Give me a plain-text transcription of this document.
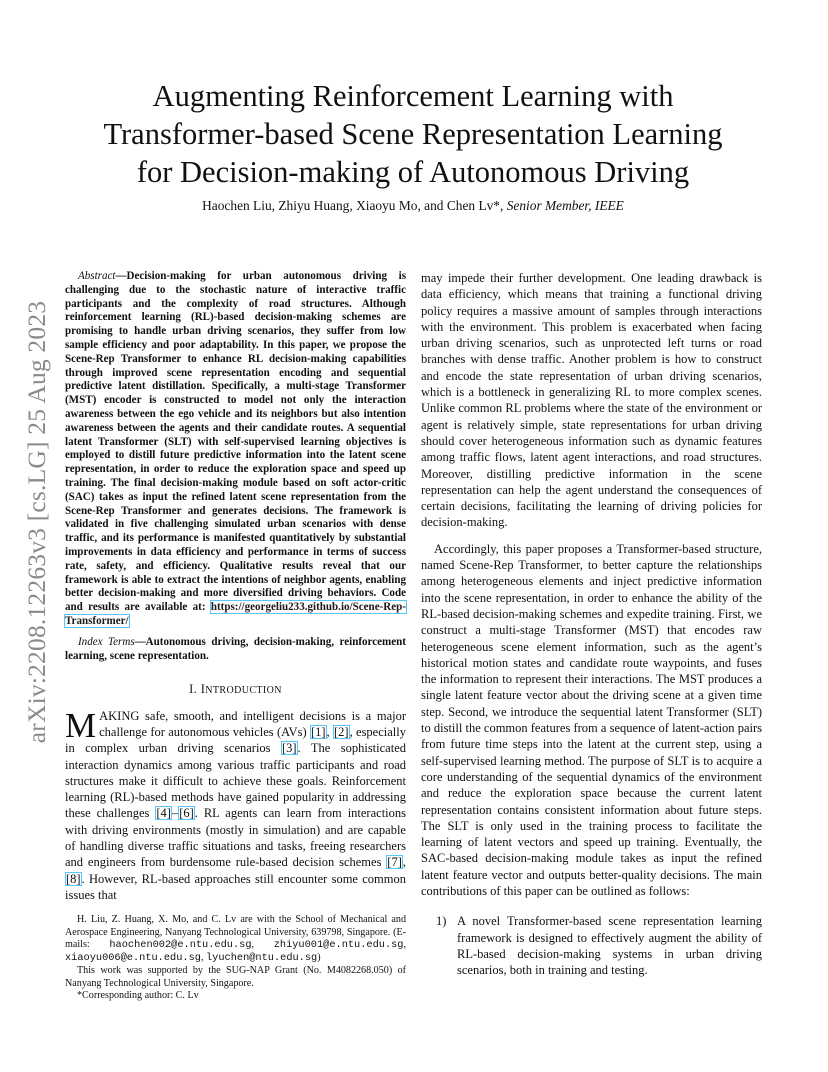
arXiv:2208.12263v3 [cs.LG] 25 Aug 2023
Augmenting Reinforcement Learning with
Transformer-based Scene Representation Learning
for Decision-making of Autonomous Driving
Haochen Liu, Zhiyu Huang, Xiaoyu Mo, and Chen Lv*, Senior Member, IEEE

Abstract—Decision-making for urban autonomous driving is challenging due to the stochastic nature of interactive traffic participants and the complexity of road structures. Although reinforcement learning (RL)-based decision-making schemes are promising to handle urban driving scenarios, they suffer from low sample efficiency and poor adaptability. In this paper, we propose the Scene-Rep Transformer to enhance RL decision-making capabilities through improved scene representation encoding and sequential predictive latent distillation. Specifically, a multi-stage Transformer (MST) encoder is constructed to model not only the interaction awareness between the ego vehicle and its neighbors but also intention awareness between the agents and their candidate routes. A sequential latent Transformer (SLT) with self-supervised learning objectives is employed to distill future predictive information into the latent scene representation, in order to reduce the exploration space and speed up training. The final decision-making module based on soft actor-critic (SAC) takes as input the refined latent scene representation from the Scene-Rep Transformer and generates decisions. The framework is validated in five challenging simulated urban scenarios with dense traffic, and its performance is manifested quantitatively by substantial improvements in data efficiency and performance in terms of success rate, safety, and efficiency. Qualitative results reveal that our framework is able to extract the intentions of neighbor agents, enabling better decision-making and more diversified driving behaviors. Code and results are available at: https://georgeliu233.github.io/Scene-Rep-Transformer/

Index Terms—Autonomous driving, decision-making, reinforcement learning, scene representation.

I. INTRODUCTION

MAKING safe, smooth, and intelligent decisions is a major challenge for autonomous vehicles (AVs) [1], [2], especially in complex urban driving scenarios [3]. The sophisticated interaction dynamics among various traffic participants and road structures make it difficult to achieve these goals. Reinforcement learning (RL)-based methods have gained popularity in addressing these challenges [4]–[6]. RL agents can learn from interactions with driving environments (mostly in simulation) and are capable of handling diverse traffic situations and tasks, freeing researchers and engineers from burdensome rule-based decision schemes [7], [8]. However, RL-based approaches still encounter some common issues that

H. Liu, Z. Huang, X. Mo, and C. Lv are with the School of Mechanical and Aerospace Engineering, Nanyang Technological University, 639798, Singapore. (E-mails: haochen002@e.ntu.edu.sg, zhiyu001@e.ntu.edu.sg, xiaoyu006@e.ntu.edu.sg, lyuchen@ntu.edu.sg)

This work was supported by the SUG-NAP Grant (No. M4082268.050) of Nanyang Technological University, Singapore.

*Corresponding author: C. Lv

may impede their further development. One leading drawback is data efficiency, which means that training a functional driving policy requires a massive amount of samples through interactions with the environment. This problem is exacerbated when facing urban driving scenarios, such as unprotected left turns or road branches with dense traffic. Another problem is how to construct and encode the state representation of urban driving scenarios, which is a bottleneck in generalizing RL to more complex scenes. Unlike common RL problems where the state of the environment or agent is relatively simple, state representations for urban driving should cover heterogeneous information such as dynamic features among traffic flows, latent agent interactions, and road structures. Moreover, distilling predictive information in the scene representation can help the agent understand the consequences of certain decisions, facilitating the learning of driving policies for decision-making.

Accordingly, this paper proposes a Transformer-based structure, named Scene-Rep Transformer, to better capture the relationships among heterogeneous elements and inject predictive information into the scene representation, in order to enhance the ability of the RL-based decision-making schemes and expedite training. First, we construct a multi-stage Transformer (MST) that encodes raw heterogeneous scene element information, such as the agent’s historical motion states and candidate route waypoints, and fuses the information to represent their interactions. The MST produces a single latent feature vector about the driving scene at a given time step. Second, we introduce the sequential latent Transformer (SLT) to distill the common features from a sequence of latent-action pairs from future time steps into the latent at the current step, using a self-supervised learning method. The purpose of SLT is to acquire a core understanding of the sequential dynamics of the environment and reduce the exploration space because the current latent representation contains consistent information about future steps. The SLT is only used in the training process to facilitate the learning of latent vectors and speed up training. Eventually, the SAC-based decision-making module takes as input the refined latent feature vector and outputs better-quality decisions. The main contributions of this paper can be outlined as follows:

1) A novel Transformer-based scene representation learning framework is designed to effectively augment the ability of RL-based decision-making systems in urban driving scenarios, both in training and testing.
